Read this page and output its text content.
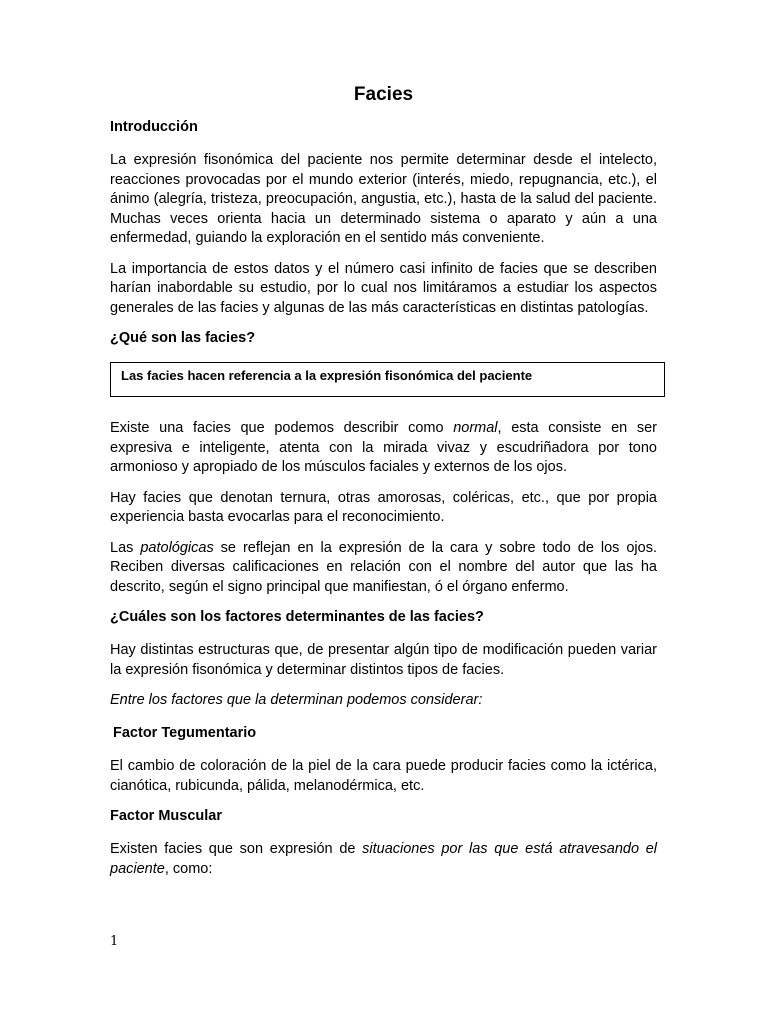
Facies
Introducción

La expresión fisonómica del paciente nos permite determinar desde el intelecto, reacciones provocadas por el mundo exterior (interés, miedo, repugnancia, etc.), el ánimo (alegría, tristeza, preocupación, angustia, etc.), hasta de la salud del paciente. Muchas veces orienta hacia un determinado sistema o aparato y aún a una enfermedad, guiando la exploración en el sentido más conveniente.

La importancia de estos datos y el número casi infinito de facies que se describen harían inabordable su estudio, por lo cual nos limitáramos a estudiar los aspectos generales de las facies y algunas de las más características en distintas patologías.

¿Qué son las facies?
Las facies hacen referencia a la expresión fisonómica del paciente

Existe una facies que podemos describir como normal, esta consiste en ser expresiva e inteligente, atenta con la mirada vivaz y escudriñadora por tono armonioso y apropiado de los músculos faciales y externos de los ojos.

Hay facies que denotan ternura, otras amorosas, coléricas, etc., que por propia experiencia basta evocarlas para el reconocimiento.

Las patológicas se reflejan en la expresión de la cara y sobre todo de los ojos. Reciben diversas calificaciones en relación con el nombre del autor que las ha descrito, según el signo principal que manifiestan, ó el órgano enfermo.

¿Cuáles son los factores determinantes de las facies?

Hay distintas estructuras que, de presentar algún tipo de modificación pueden variar la expresión fisonómica y determinar distintos tipos de facies.

Entre los factores que la determinan podemos considerar:
Factor Tegumentario

El cambio de coloración de la piel de la cara puede producir facies como la ictérica, cianótica, rubicunda, pálida, melanodérmica, etc.

Factor Muscular

Existen facies que son expresión de situaciones por las que está atravesando el paciente, como:

1
